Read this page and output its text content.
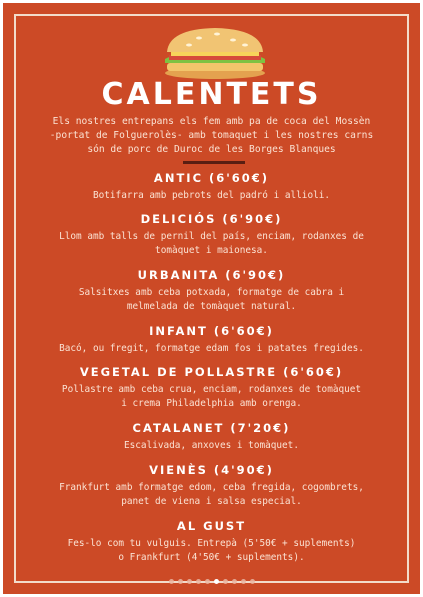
CALENTETS
Els nostres entrepans els fem amb pa de coca del Mossèn
-portat de Folguerolès- amb tomaquet i les nostres carns
són de porc de Duroc de les Borges Blanques
ANTIC (6'60€)
Botifarra amb pebrots del padró i allioli.
DELICIÓS (6'90€)
Llom amb talls de pernil del país, enciam, rodanxes de
tomàquet i maionesa.
URBANITA (6'90€)
Salsitxes amb ceba potxada, formatge de cabra i
melmelada de tomàquet natural.
INFANT (6'60€)
Bacó, ou fregit, formatge edam fos i patates fregides.
VEGETAL DE POLLASTRE (6'60€)
Pollastre amb ceba crua, enciam, rodanxes de tomàquet
i crema Philadelphia amb orenga.
CATALANET (7'20€)
Escalivada, anxoves i tomàquet.
VIENÈS (4'90€)
Frankfurt amb formatge edom, ceba fregida, cogombrets,
panet de viena i salsa especial.
AL GUST
Fes-lo com tu vulguis. Entrepà (5'50€ + suplements)
o Frankfurt (4'50€ + suplements).
